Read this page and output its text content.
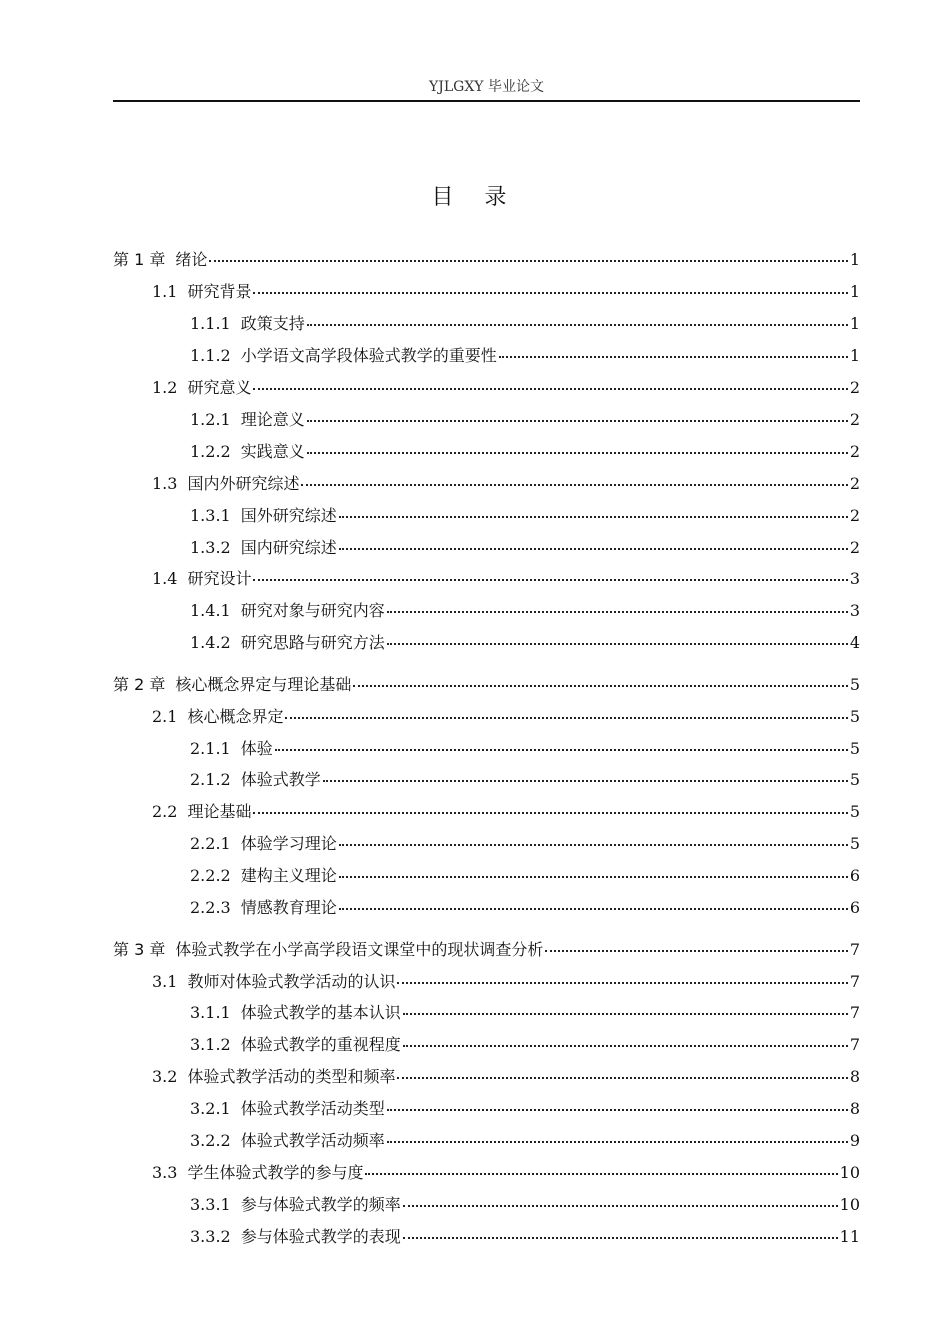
YJLGXY 毕业论文
目 录
第 1 章 绪论	1
1.1 研究背景	1
1.1.1 政策支持	1
1.1.2 小学语文高学段体验式教学的重要性	1
1.2 研究意义	2
1.2.1 理论意义	2
1.2.2 实践意义	2
1.3 国内外研究综述	2
1.3.1 国外研究综述	2
1.3.2 国内研究综述	2
1.4 研究设计	3
1.4.1 研究对象与研究内容	3
1.4.2 研究思路与研究方法	4
第 2 章 核心概念界定与理论基础	5
2.1 核心概念界定	5
2.1.1 体验	5
2.1.2 体验式教学	5
2.2 理论基础	5
2.2.1 体验学习理论	5
2.2.2 建构主义理论	6
2.2.3 情感教育理论	6
第 3 章 体验式教学在小学高学段语文课堂中的现状调查分析	7
3.1 教师对体验式教学活动的认识	7
3.1.1 体验式教学的基本认识	7
3.1.2 体验式教学的重视程度	7
3.2 体验式教学活动的类型和频率	8
3.2.1 体验式教学活动类型	8
3.2.2 体验式教学活动频率	9
3.3 学生体验式教学的参与度	10
3.3.1 参与体验式教学的频率	10
3.3.2 参与体验式教学的表现	11
